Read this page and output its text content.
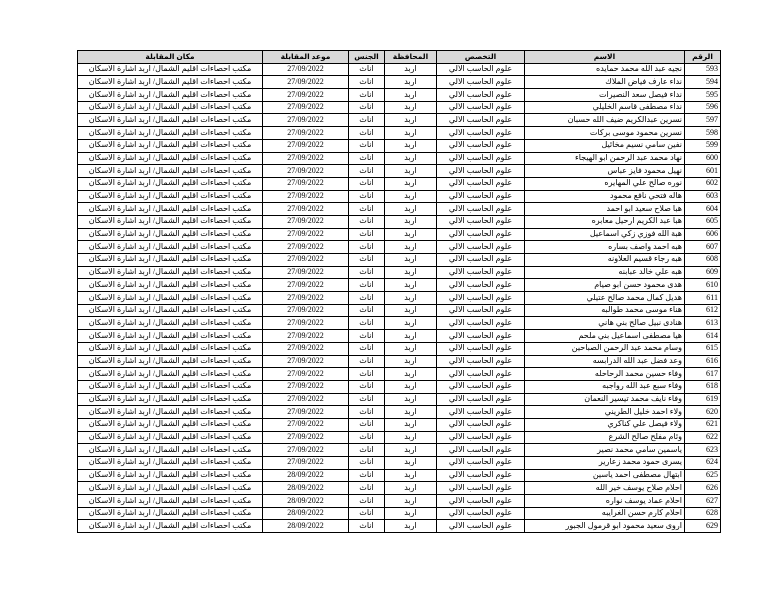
الرقم	الاسم	التخصص	المحافظة	الجنس	موعد المقابلة	مكان المقابلة
593	نجيه عبد الله محمد حمايده	علوم الحاسب الالي	اربد	اناث	27/09/2022	مكتب احصاءات اقليم الشمال/ اربد اشارة الاسكان
594	نداء عارف فياض الملاك	علوم الحاسب الالي	اربد	اناث	27/09/2022	مكتب احصاءات اقليم الشمال/ اربد اشارة الاسكان
595	نداء فيصل سعد النصيرات	علوم الحاسب الالي	اربد	اناث	27/09/2022	مكتب احصاءات اقليم الشمال/ اربد اشارة الاسكان
596	نداء مصطفى قاسم الخليلي	علوم الحاسب الالي	اربد	اناث	27/09/2022	مكتب احصاءات اقليم الشمال/ اربد اشارة الاسكان
597	نسرين عبدالكريم ضيف الله حسبان	علوم الحاسب الالي	اربد	اناث	27/09/2022	مكتب احصاءات اقليم الشمال/ اربد اشارة الاسكان
598	نسرين محمود موسى بركات	علوم الحاسب الالي	اربد	اناث	27/09/2022	مكتب احصاءات اقليم الشمال/ اربد اشارة الاسكان
599	نفين سامي نسيم مخائيل	علوم الحاسب الالي	اربد	اناث	27/09/2022	مكتب احصاءات اقليم الشمال/ اربد اشارة الاسكان
600	نهاد محمد عبد الرحمن ابو الهيجاء	علوم الحاسب الالي	اربد	اناث	27/09/2022	مكتب احصاءات اقليم الشمال/ اربد اشارة الاسكان
601	نهيل محمود فايز عباس	علوم الحاسب الالي	اربد	اناث	27/09/2022	مكتب احصاءات اقليم الشمال/ اربد اشارة الاسكان
602	نوره صالح علي المهايره	علوم الحاسب الالي	اربد	اناث	27/09/2022	مكتب احصاءات اقليم الشمال/ اربد اشارة الاسكان
603	هاله فتحي نافع محمود	علوم الحاسب الالي	اربد	اناث	27/09/2022	مكتب احصاءات اقليم الشمال/ اربد اشارة الاسكان
604	هبا صلاح سعيد ابو احمد	علوم الحاسب الالي	اربد	اناث	27/09/2022	مكتب احصاءات اقليم الشمال/ اربد اشارة الاسكان
605	هبا عبد الكريم ارحيل معابره	علوم الحاسب الالي	اربد	اناث	27/09/2022	مكتب احصاءات اقليم الشمال/ اربد اشارة الاسكان
606	هبة الله فوزي زكي اسماعيل	علوم الحاسب الالي	اربد	اناث	27/09/2022	مكتب احصاءات اقليم الشمال/ اربد اشارة الاسكان
607	هبه احمد واصف بساره	علوم الحاسب الالي	اربد	اناث	27/09/2022	مكتب احصاءات اقليم الشمال/ اربد اشارة الاسكان
608	هبه رجاء قسيم العلاونه	علوم الحاسب الالي	اربد	اناث	27/09/2022	مكتب احصاءات اقليم الشمال/ اربد اشارة الاسكان
609	هبه علي خالد عبابنه	علوم الحاسب الالي	اربد	اناث	27/09/2022	مكتب احصاءات اقليم الشمال/ اربد اشارة الاسكان
610	هدى محمود حسن ابو صيام	علوم الحاسب الالي	اربد	اناث	27/09/2022	مكتب احصاءات اقليم الشمال/ اربد اشارة الاسكان
611	هديل كمال محمد صالح عتيلي	علوم الحاسب الالي	اربد	اناث	27/09/2022	مكتب احصاءات اقليم الشمال/ اربد اشارة الاسكان
612	هناء موسى محمد طوالبه	علوم الحاسب الالي	اربد	اناث	27/09/2022	مكتب احصاءات اقليم الشمال/ اربد اشارة الاسكان
613	هنادى نبيل صالح بني هاني	علوم الحاسب الالي	اربد	اناث	27/09/2022	مكتب احصاءات اقليم الشمال/ اربد اشارة الاسكان
614	هيا مصطفى اسماعيل بني ملحم	علوم الحاسب الالي	اربد	اناث	27/09/2022	مكتب احصاءات اقليم الشمال/ اربد اشارة الاسكان
615	وسام محمد عبد الرحمن الصباحين	علوم الحاسب الالي	اربد	اناث	27/09/2022	مكتب احصاءات اقليم الشمال/ اربد اشارة الاسكان
616	وعد فضل عبد الله الدرابسه	علوم الحاسب الالي	اربد	اناث	27/09/2022	مكتب احصاءات اقليم الشمال/ اربد اشارة الاسكان
617	وفاء حسين محمد الرحاحله	علوم الحاسب الالي	اربد	اناث	27/09/2022	مكتب احصاءات اقليم الشمال/ اربد اشارة الاسكان
618	وفاء سبع عبد الله رواجبه	علوم الحاسب الالي	اربد	اناث	27/09/2022	مكتب احصاءات اقليم الشمال/ اربد اشارة الاسكان
619	وفاء نايف محمد تيسير النعمان	علوم الحاسب الالي	اربد	اناث	27/09/2022	مكتب احصاءات اقليم الشمال/ اربد اشارة الاسكان
620	ولاء احمد خليل الطريني	علوم الحاسب الالي	اربد	اناث	27/09/2022	مكتب احصاءات اقليم الشمال/ اربد اشارة الاسكان
621	ولاء فيصل علي كناكري	علوم الحاسب الالي	اربد	اناث	27/09/2022	مكتب احصاءات اقليم الشمال/ اربد اشارة الاسكان
622	وئام مفلح صالح الشرع	علوم الحاسب الالي	اربد	اناث	27/09/2022	مكتب احصاءات اقليم الشمال/ اربد اشارة الاسكان
623	ياسمين سامي محمد نصير	علوم الحاسب الالي	اربد	اناث	27/09/2022	مكتب احصاءات اقليم الشمال/ اربد اشارة الاسكان
624	يسرى حمود محمد زعارير	علوم الحاسب الالي	اربد	اناث	27/09/2022	مكتب احصاءات اقليم الشمال/ اربد اشارة الاسكان
625	ابتهال مصطفى احمد ياسين	علوم الحاسب الالي	اربد	اناث	28/09/2022	مكتب احصاءات اقليم الشمال/ اربد اشارة الاسكان
626	احلام صلاح يوسف خير الله	علوم الحاسب الالي	اربد	اناث	28/09/2022	مكتب احصاءات اقليم الشمال/ اربد اشارة الاسكان
627	احلام عماد يوسف نواره	علوم الحاسب الالي	اربد	اناث	28/09/2022	مكتب احصاءات اقليم الشمال/ اربد اشارة الاسكان
628	احلام كارم حسن الغرايبه	علوم الحاسب الالي	اربد	اناث	28/09/2022	مكتب احصاءات اقليم الشمال/ اربد اشارة الاسكان
629	اروى سعيد محمود ابو قرمول الجبور	علوم الحاسب الالي	اربد	اناث	28/09/2022	مكتب احصاءات اقليم الشمال/ اربد اشارة الاسكان
